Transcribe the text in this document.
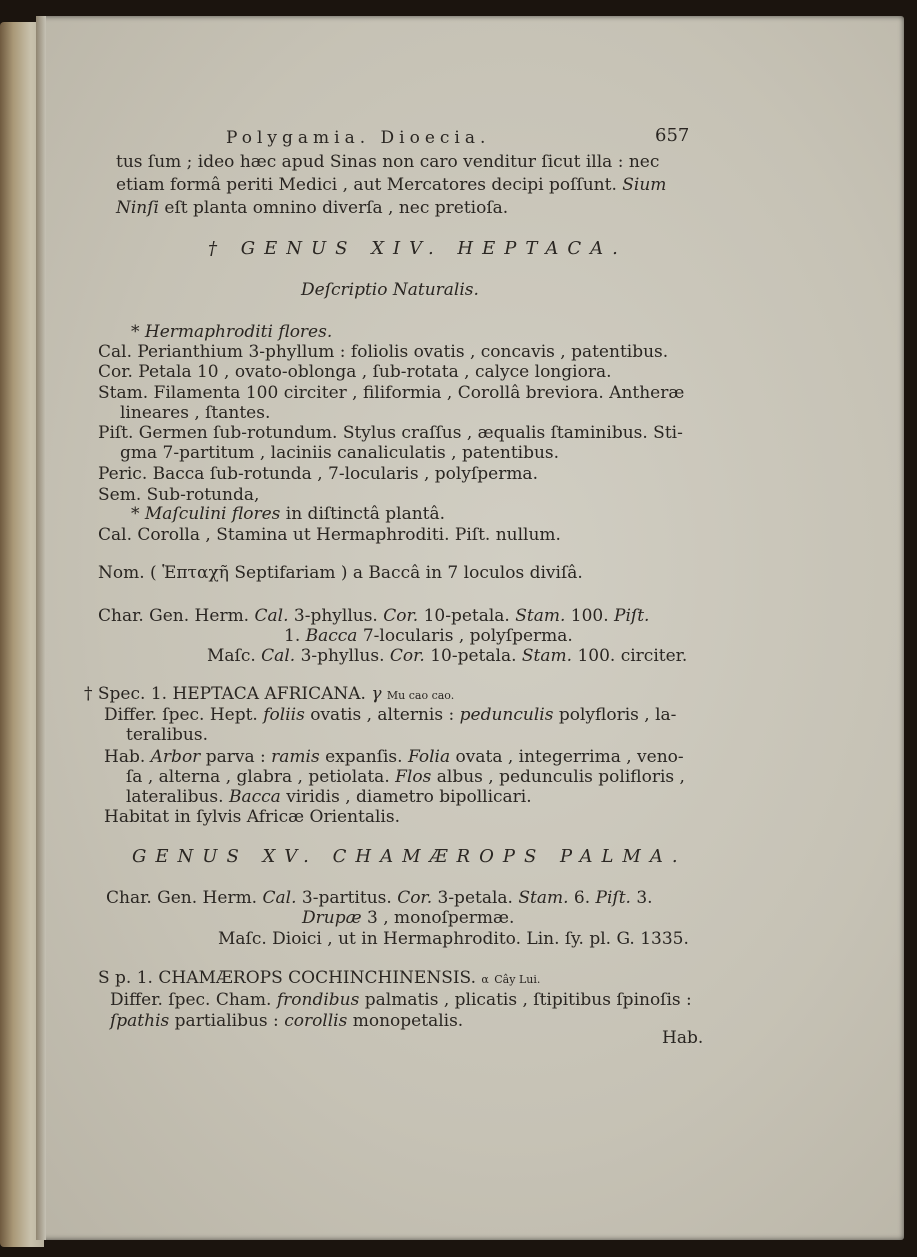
Polygamia. Dioecia.	657
tus ſum ; ideo hæc apud Sinas non caro venditur ſicut illa : nec
etiam formâ periti Medici , aut Mercatores decipi poſſunt. Sium
Ninſi eſt planta omnino diverſa , nec pretioſa.
† GENUS XIV. HEPTACA.
Deſcriptio Naturalis.
* Hermaphroditi flores.
Cal. Perianthium 3-phyllum : foliolis ovatis , concavis , patentibus.
Cor. Petala 10 , ovato-oblonga , ſub-rotata , calyce longiora.
Stam. Filamenta 100 circiter , filiformia , Corollâ breviora. Antheræ
lineares , ſtantes.
Piſt. Germen ſub-rotundum. Stylus craſſus , æqualis ſtaminibus. Sti-
gma 7-partitum , laciniis canaliculatis , patentibus.
Peric. Bacca ſub-rotunda , 7-locularis , polyſperma.
Sem. Sub-rotunda,
* Maſculini flores in diſtinctâ plantâ.
Cal. Corolla , Stamina ut Hermaphroditi. Piſt. nullum.
Nom. ( Ἑπταχῆ Septifariam ) a Baccâ in 7 loculos diviſâ.
Char. Gen. Herm. Cal. 3-phyllus. Cor. 10-petala. Stam. 100. Piſt.
1. Bacca 7-locularis , polyſperma.
Maſc. Cal. 3-phyllus. Cor. 10-petala. Stam. 100. circiter.
† Spec. 1. HEPTACA AFRICANA. γ Mu cao cao.
Differ. ſpec. Hept. foliis ovatis , alternis : pedunculis polyfloris , la-
teralibus.
Hab. Arbor parva : ramis expanſis. Folia ovata , integerrima , veno-
ſa , alterna , glabra , petiolata. Flos albus , pedunculis polifloris ,
lateralibus. Bacca viridis , diametro bipollicari.
Habitat in ſylvis Africæ Orientalis.
GENUS XV. CHAMÆROPS PALMA.
Char. Gen. Herm. Cal. 3-partitus. Cor. 3-petala. Stam. 6. Piſt. 3.
Drupæ 3 , monoſpermæ.
Maſc. Dioici , ut in Hermaphrodito. Lin. ſy. pl. G. 1335.
S p. 1. CHAMÆROPS COCHINCHINENSIS. α Cây Lui.
Differ. ſpec. Cham. frondibus palmatis , plicatis , ſtipitibus ſpinoſis :
ſpathis partialibus : corollis monopetalis.
Hab.
